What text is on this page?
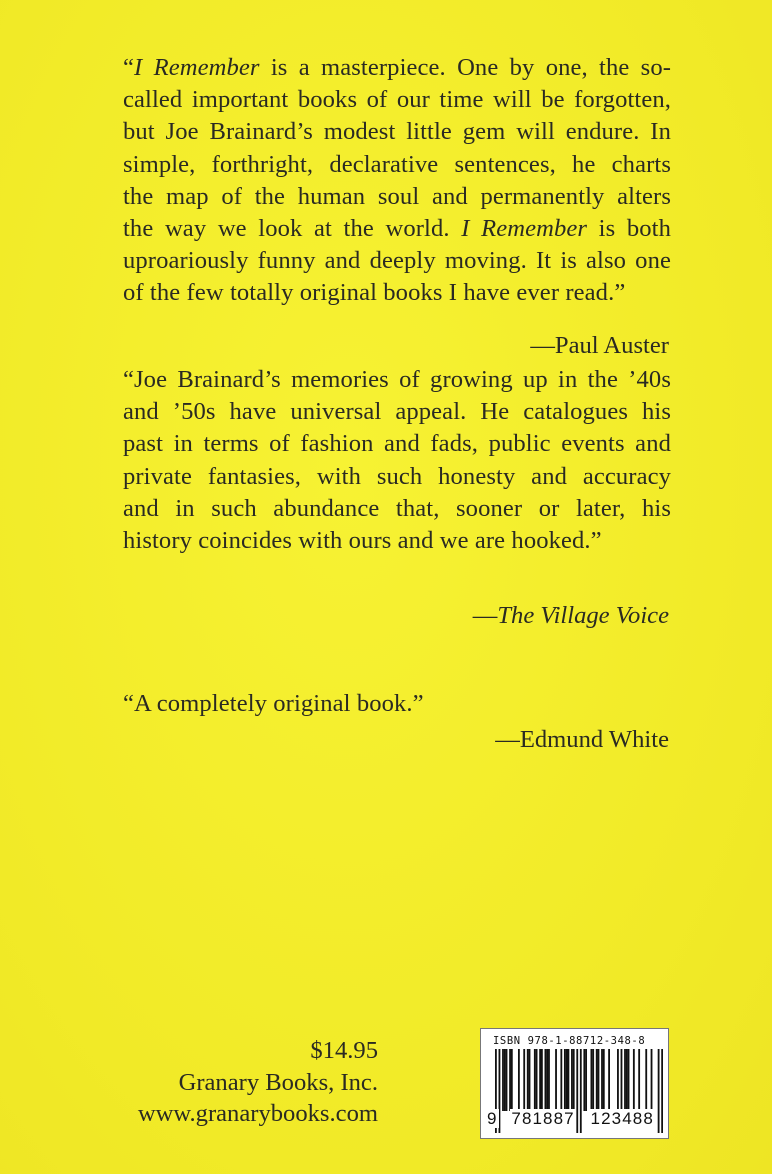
“I Remember is a masterpiece. One by one, the so-
called important books of our time will be forgotten,
but Joe Brainard’s modest little gem will endure. In
simple, forthright, declarative sentences, he charts
the map of the human soul and permanently alters
the way we look at the world. I Remember is both
uproariously funny and deeply moving. It is also one
of the few totally original books I have ever read.”
—Paul Auster
“Joe Brainard’s memories of growing up in the ’40s
and ’50s have universal appeal. He catalogues his
past in terms of fashion and fads, public events and
private fantasies, with such honesty and accuracy
and in such abundance that, sooner or later, his
history coincides with ours and we are hooked.”
—The Village Voice
“A completely original book.”
—Edmund White
$14.95
Granary Books, Inc.
www.granarybooks.com
ISBN 978-1-88712-348-8
9 781887 123488
